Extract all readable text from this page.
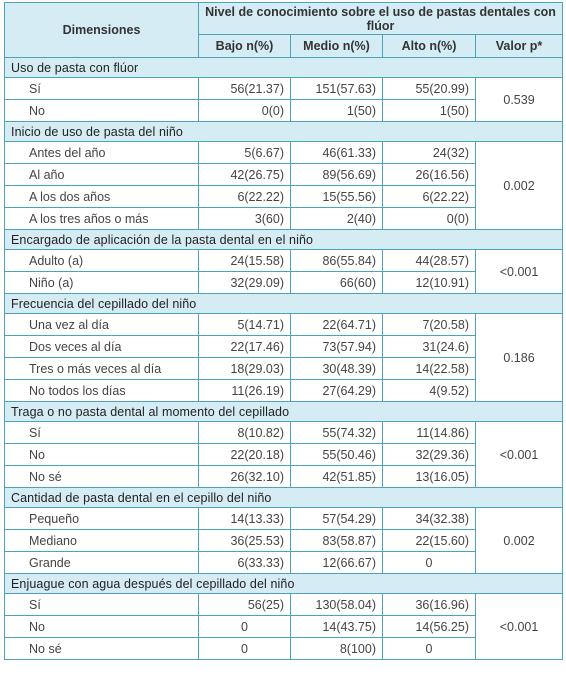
Dimensiones	Nivel de conocimiento sobre el uso de pastas dentales con flúor			
	Bajo n(%)	Medio n(%)	Alto n(%)	Valor p*
Uso de pasta con flúor				
Sí	56(21.37)	151(57.63)	55(20.99)	0.539
No	0(0)	1(50)	1(50)	
Inicio de uso de pasta del niño				
Antes del año	5(6.67)	46(61.33)	24(32)	0.002
Al año	42(26.75)	89(56.69)	26(16.56)	
A los dos años	6(22.22)	15(55.56)	6(22.22)	
A los tres años o más	3(60)	2(40)	0(0)	
Encargado de aplicación de la pasta dental en el niño				
Adulto (a)	24(15.58)	86(55.84)	44(28.57)	<0.001
Niño (a)	32(29.09)	66(60)	12(10.91)	
Frecuencia del cepillado del niño				
Una vez al día	5(14.71)	22(64.71)	7(20.58)	0.186
Dos veces al día	22(17.46)	73(57.94)	31(24.6)	
Tres o más veces al día	18(29.03)	30(48.39)	14(22.58)	
No todos los días	11(26.19)	27(64.29)	4(9.52)	
Traga o no pasta dental al momento del cepillado				
Sí	8(10.82)	55(74.32)	11(14.86)	<0.001
No	22(20.18)	55(50.46)	32(29.36)	
No sé	26(32.10)	42(51.85)	13(16.05)	
Cantidad de pasta dental en el cepillo del niño				
Pequeño	14(13.33)	57(54.29)	34(32.38)	0.002
Mediano	36(25.53)	83(58.87)	22(15.60)	
Grande	6(33.33)	12(66.67)	0	
Enjuague con agua después del cepillado del niño				
Sí	56(25)	130(58.04)	36(16.96)	<0.001
No	0	14(43.75)	14(56.25)	
No sé	0	8(100)	0	
